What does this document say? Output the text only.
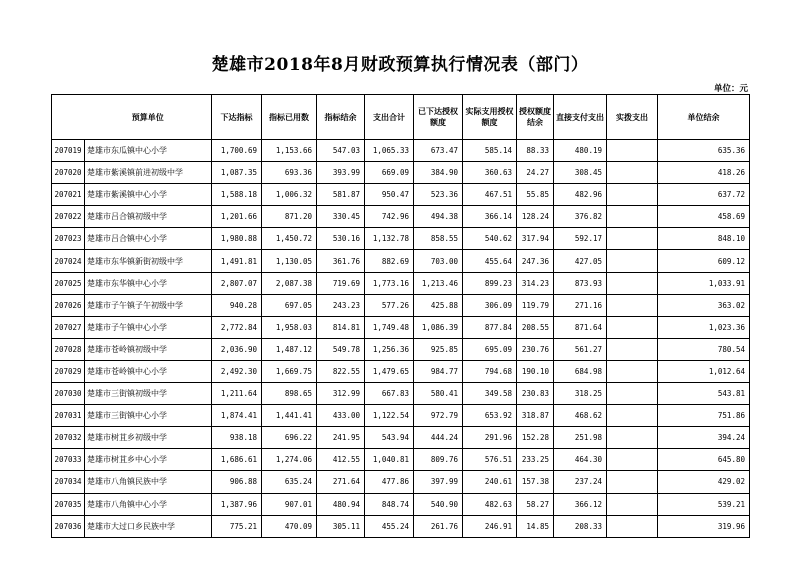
楚雄市2018年8月财政预算执行情况表（部门）
单位：元
	预算单位	下达指标	指标已用数	指标结余	支出合计	已下达授权额度	实际支用授权额度	授权额度结余	直接支付支出	实拨支出	单位结余
207019	楚雄市东瓜镇中心小学	1,700.69	1,153.66	547.03	1,065.33	673.47	585.14	88.33	480.19		635.36
207020	楚雄市紫溪镇前进初级中学	1,087.35	693.36	393.99	669.09	384.90	360.63	24.27	308.45		418.26
207021	楚雄市紫溪镇中心小学	1,588.18	1,006.32	581.87	950.47	523.36	467.51	55.85	482.96		637.72
207022	楚雄市吕合镇初级中学	1,201.66	871.20	330.45	742.96	494.38	366.14	128.24	376.82		458.69
207023	楚雄市吕合镇中心小学	1,980.88	1,450.72	530.16	1,132.78	858.55	540.62	317.94	592.17		848.10
207024	楚雄市东华镇新街初级中学	1,491.81	1,130.05	361.76	882.69	703.00	455.64	247.36	427.05		609.12
207025	楚雄市东华镇中心小学	2,807.07	2,087.38	719.69	1,773.16	1,213.46	899.23	314.23	873.93		1,033.91
207026	楚雄市子午镇子午初级中学	940.28	697.05	243.23	577.26	425.88	306.09	119.79	271.16		363.02
207027	楚雄市子午镇中心小学	2,772.84	1,958.03	814.81	1,749.48	1,086.39	877.84	208.55	871.64		1,023.36
207028	楚雄市苍岭镇初级中学	2,036.90	1,487.12	549.78	1,256.36	925.85	695.09	230.76	561.27		780.54
207029	楚雄市苍岭镇中心小学	2,492.30	1,669.75	822.55	1,479.65	984.77	794.68	190.10	684.98		1,012.64
207030	楚雄市三街镇初级中学	1,211.64	898.65	312.99	667.83	580.41	349.58	230.83	318.25		543.81
207031	楚雄市三街镇中心小学	1,874.41	1,441.41	433.00	1,122.54	972.79	653.92	318.87	468.62		751.86
207032	楚雄市树苴乡初级中学	938.18	696.22	241.95	543.94	444.24	291.96	152.28	251.98		394.24
207033	楚雄市树苴乡中心小学	1,686.61	1,274.06	412.55	1,040.81	809.76	576.51	233.25	464.30		645.80
207034	楚雄市八角镇民族中学	906.88	635.24	271.64	477.86	397.99	240.61	157.38	237.24		429.02
207035	楚雄市八角镇中心小学	1,387.96	907.01	480.94	848.74	540.90	482.63	58.27	366.12		539.21
207036	楚雄市大过口乡民族中学	775.21	470.09	305.11	455.24	261.76	246.91	14.85	208.33		319.96
